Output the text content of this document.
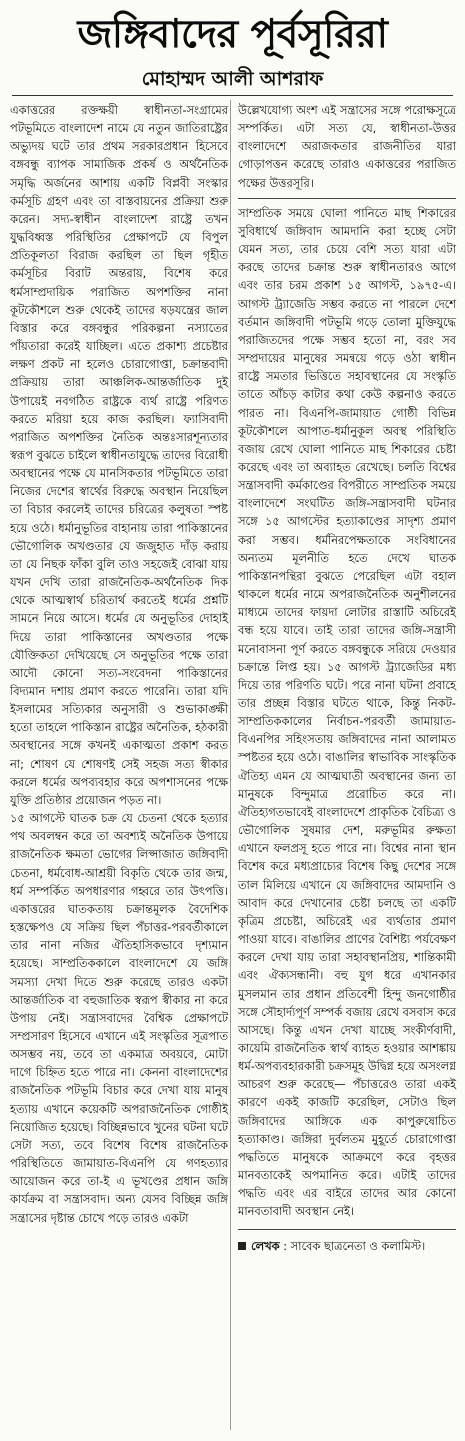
জঙ্গিবাদের পূর্বসূরিরা
মোহাম্মদ আলী আশরাফ

একাত্তরের রক্তক্ষয়ী স্বাধীনতা-সংগ্রামের পটভূমিতে বাংলাদেশ নামে যে নতুন জাতিরাষ্ট্রের অভ্যুদয় ঘটে তার প্রথম সরকারপ্রধান হিসেবে বঙ্গবন্ধু ব্যাপক সামাজিক প্রকর্ষ ও অর্থনৈতিক সমৃদ্ধি অর্জনের আশায় একটি বিপ্লবী সংস্কার কর্মসূচি গ্রহণ এবং তা বাস্তবায়নের প্রক্রিয়া শুরু করেন। সদ্য-স্বাধীন বাংলাদেশ রাষ্ট্রে তখন যুদ্ধবিধ্বস্ত পরিস্থিতির প্রেক্ষাপটে যে বিপুল প্রতিকূলতা বিরাজ করছিল তা ছিল গৃহীত কর্মসূচির বিরাট অন্তরায়, বিশেষ করে ধর্মসাম্প্রদায়িক পরাজিত অপশক্তির নানা কূটকৌশলে শুরু থেকেই তাদের ষড়যন্ত্রের জাল বিস্তার করে বঙ্গবন্ধুর পরিকল্পনা নস্যাতের পাঁয়তারা করেই যাচ্ছিল। এতে প্রকাশ্য প্রচেষ্টার লক্ষণ প্রকট না হলেও চোরাগোপ্তা, চক্রান্তবাদী প্রক্রিয়ায় তারা আঞ্চলিক-আন্তর্জাতিক দুই উপায়েই নবগঠিত রাষ্ট্রকে ব্যর্থ রাষ্ট্রে পরিণত করতে মরিয়া হয়ে কাজ করছিল। ফ্যাসিবাদী পরাজিত অপশক্তির নৈতিক অন্তঃসারশূন্যতার স্বরূপ বুঝতে চাইলে স্বাধীনতাযুদ্ধে তাদের বিরোধী অবস্থানের পক্ষে যে মানসিকতার পটভূমিতে তারা নিজের দেশের স্বার্থের বিরুদ্ধে অবস্থান নিয়েছিল তা বিচার করলেই তাদের চরিত্রের কলুষতা স্পষ্ট হয়ে ওঠে। ধর্মানুভূতির বাহানায় তারা পাকিস্তানের ভৌগোলিক অখণ্ডতার যে জজুহাত দাঁড় করায় তা যে নিছক ফাঁকা বুলি তাও সহজেই বোঝা যায় যখন দেখি তারা রাজনৈতিক-অর্থনৈতিক দিক থেকে আত্মস্বার্থ চরিতার্থ করতেই ধর্মের প্রশ্নটি সামনে নিয়ে আসে। ধর্মের যে অনুভূতির দোহাই দিয়ে তারা পাকিস্তানের অখণ্ডতার পক্ষে যৌক্তিকতা দেখিয়েছে সে অনুভূতির পক্ষে তারা আদৌ কোনো সত্য-সংবেদনা পাকিস্তানের বিদ্যমান দশায় প্রমাণ করতে পারেনি। তারা যদি ইসলামের সত্যিকার অনুসারী ও শুভাকাঙ্ক্ষী হতো তাহলে পাকিস্তান রাষ্ট্রের অনৈতিক, হঠকারী অবস্থানের সঙ্গে কখনই একাত্মতা প্রকাশ করত না; শোষণ যে শোষণই সেই সহজ সত্য স্বীকার করলে ধর্মের অপব্যবহার করে অপশাসনের পক্ষে যুক্তি প্রতিষ্ঠার প্রয়োজন পড়ত না।

১৫ আগস্টে ঘাতক চক্র যে চেতনা থেকে হত্যার পথ অবলম্বন করে তা অবশ্যই অনৈতিক উপায়ে রাজনৈতিক ক্ষমতা ভোগের লিপ্সাজাত জঙ্গিবাদী চেতনা, ধর্মবোধ-আশ্রয়ী বিকৃতি থেকে তার জন্ম, ধর্ম সম্পর্কিত অপধারণার গহ্বরে তার উৎপত্তি। একাত্তরের ঘাতকতায় চক্রান্তমূলক বৈদেশিক হস্তক্ষেপও যে সক্রিয় ছিল পঁচাত্তর-পরবর্তীকালে তার নানা নজির ঐতিহাসিকভাবে দৃশ্যমান হয়েছে। সাম্প্রতিককালে বাংলাদেশে যে জঙ্গি সমস্যা দেখা দিতে শুরু করেছে তারও একটা আন্তর্জাতিক বা বহুজাতিক স্বরূপ স্বীকার না করে উপায় নেই। সন্ত্রাসবাদের বৈশ্বিক প্রেক্ষাপটে সম্প্রসারণ হিসেবে এখানে এই সংস্কৃতির সূত্রপাত অসম্ভব নয়, তবে তা একমাত্র অবয়বে, মোটা দাগে চিহ্নিত হতে পারে না। কেননা বাংলাদেশের রাজনৈতিক পটভূমি বিচার করে দেখা যায় মানুষ হত্যায় এখানে কয়েকটি অপরাজনৈতিক গোষ্ঠীই নিয়োজিত হয়েছে। বিচ্ছিন্নভাবে খুনের ঘটনা ঘটে সেটা সত্য, তবে বিশেষ বিশেষ রাজনৈতিক পরিস্থিতিতে জামায়াত-বিএনপি যে গণহত্যার আয়োজন করে তা-ই এ ভূখণ্ডের প্রধান জঙ্গি কার্যক্রম বা সন্ত্রাসবাদ। অন্য যেসব বিচ্ছিন্ন জঙ্গি সন্ত্রাসের দৃষ্টান্ত চোখে পড়ে তারও একটা

উল্লেখযোগ্য অংশ এই সন্ত্রাসের সঙ্গে পরোক্ষসূত্রে সম্পর্কিত। এটা সত্য যে, স্বাধীনতা-উত্তর বাংলাদেশে অরাজকতার রাজনীতির যারা গোড়াপত্তন করেছে তারাও একাত্তরের পরাজিত পক্ষের উত্তরসূরি।

সাম্প্রতিক সময়ে ঘোলা পানিতে মাছ শিকারের সুবিধার্থে জঙ্গিবাদ আমদানি করা হচ্ছে সেটা যেমন সত্য, তার চেয়ে বেশি সত্য যারা এটা করছে তাদের চক্রান্ত শুরু স্বাধীনতারও আগে এবং তার চরম প্রকাশ ১৫ আগস্ট, ১৯৭৫-এ। আগস্ট ট্র্যাজেডি সম্ভব করতে না পারলে দেশে বর্তমান জঙ্গিবাদী পটভূমি গড়ে তোলা মুক্তিযুদ্ধে পরাজিতদের পক্ষে সম্ভব হতো না, বরং সব সম্প্রদায়ের মানুষের সমন্বয়ে গড়ে ওঠা স্বাধীন রাষ্ট্রে সমতার ভিত্তিতে সহাবস্থানের যে সংস্কৃতি তাতে আঁচড় কাটার কথা কেউ কল্পনাও করতে পারত না। বিএনপি-জামায়াত গোষ্ঠী বিভিন্ন কূটকৌশলে আপাত-ধর্মানুকূল অবস্থ পরিস্থিতি বজায় রেখে ঘোলা পানিতে মাছ শিকারের চেষ্টা করেছে এবং তা অব্যাহত রেখেছে। চলতি বিশ্বের সন্ত্রাসবাদী কর্মকাণ্ডের বিপরীতে সাম্প্রতিক সময়ে বাংলাদেশে সংঘটিত জঙ্গি-সন্ত্রাসবাদী ঘটনার সঙ্গে ১৫ আগস্টের হত্যাকাণ্ডের সাদৃশ্য প্রমাণ করা সম্ভব। ধর্মনিরপেক্ষতাকে সংবিধানের অন্যতম মূলনীতি হতে দেখে ঘাতক পাকিস্তানপন্থিরা বুঝতে পেরেছিল এটা বহাল থাকলে ধর্মের নামে অপরাজনৈতিক অনুশীলনের মাধ্যমে তাদের ফায়দা লোটার রাস্তাটি অচিরেই বন্ধ হয়ে যাবে। তাই তারা তাদের জঙ্গি-সন্ত্রাসী মনোবাসনা পূর্ণ করতে বঙ্গবন্ধুকে সরিয়ে দেওয়ার চক্রান্তে লিপ্ত হয়। ১৫ আগস্ট ট্র্যাজেডির মধ্য দিয়ে তার পরিণতি ঘটে। পরে নানা ঘটনা প্রবাহে তার প্রচ্ছন্ন বিস্তার ঘটতে থাকে, কিন্তু নিকট-সাম্প্রতিককালের নির্বাচন-পরবর্তী জামায়াত-বিএনপির সহিংসতায় জঙ্গিবাদের নানা আলামত স্পষ্টতর হয়ে ওঠে। বাঙালির স্বাভাবিক সাংস্কৃতিক ঐতিহ্য এমন যে আত্মঘাতী অবস্থানের জন্য তা মানুষকে বিন্দুমাত্র প্ররোচিত করে না। ঐতিহ্যগতভাবেই বাংলাদেশে প্রাকৃতিক বৈচিত্র্য ও ভৌগোলিক সুষমার দেশ, মরুভূমির রুক্ষতা এখানে ফলপ্রসূ হতে পারে না। বিশ্বের নানা স্থান বিশেষ করে মধ্যপ্রাচ্যের বিশেষ কিছু দেশের সঙ্গে তাল মিলিয়ে এখানে যে জঙ্গিবাদের আমদানি ও আবাদ করে দেখানোর চেষ্টা চলছে তা একটি কৃত্রিম প্রচেষ্টা, অচিরেই এর ব্যর্থতার প্রমাণ পাওয়া যাবে। বাঙালির প্রাণের বৈশিষ্ট্য পর্যবেক্ষণ করলে দেখা যায় তারা সহাবস্থানপ্রিয়, শান্তিকামী এবং ঐক্যসন্ধানী। বহু যুগ ধরে এখানকার মুসলমান তার প্রধান প্রতিবেশী হিন্দু জনগোষ্ঠীর সঙ্গে সৌহার্দ্যপূর্ণ সম্পর্ক বজায় রেখে বসবাস করে আসছে। কিন্তু এখন দেখা যাচ্ছে সংকীর্ণবাদী, কায়েমি রাজনৈতিক স্বার্থ ব্যাহত হওয়ার আশঙ্কায় ধর্ম-অপব্যবহারকারী চক্রসমূহ উদ্বিগ্ন হয়ে অসংলগ্ন আচরণ শুরু করেছে— পঁচাত্তরেও তারা একই কারণে একই কাজটি করেছিল, সেটাও ছিল জঙ্গিবাদের আঙ্গিকে এক কাপুরুষোচিত হত্যাকাণ্ড। জঙ্গিরা দুর্বলতম মুহূর্তে চোরাগোপ্তা পদ্ধতিতে মানুষকে আক্রমণে করে বৃহত্তর মানবতাকেই অপমানিত করে। এটাই তাদের পদ্ধতি এবং এর বাইরে তাদের আর কোনো মানবতাবাদী অবস্থান নেই।

লেখক : সাবেক ছাত্রনেতা ও কলামিস্ট।
